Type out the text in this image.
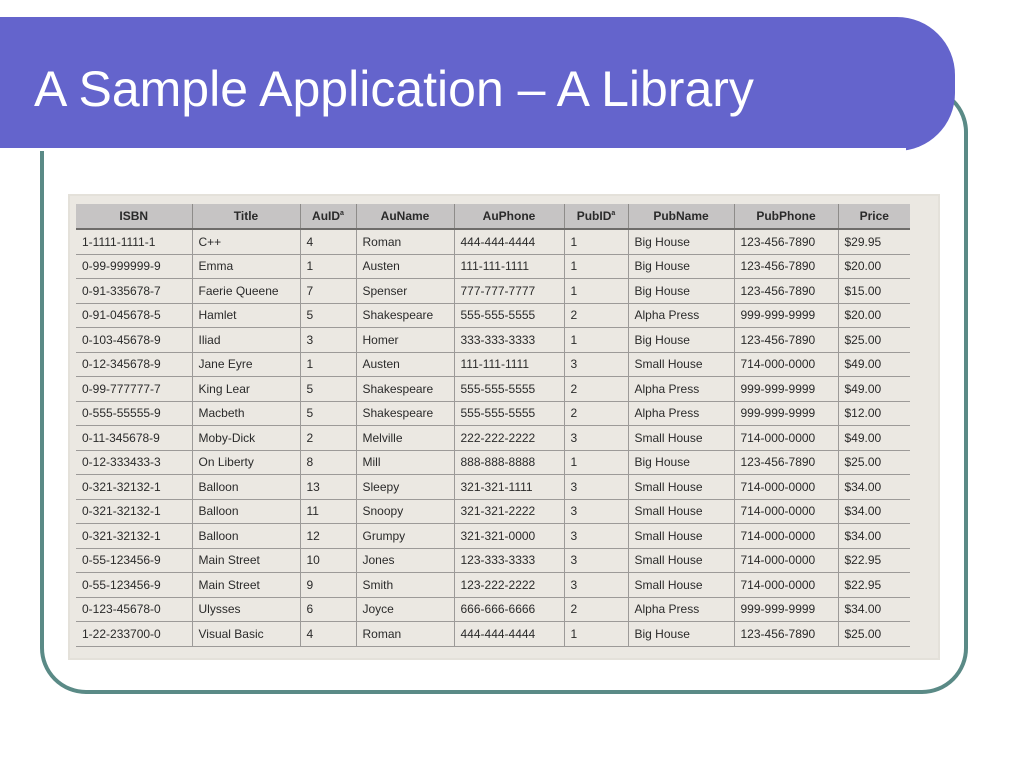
A Sample Application – A Library
ISBN	Title	AuID$^a$	AuName	AuPhone	PubID$^a$	PubName	PubPhone	Price
1-1111-1111-1	C++	4	Roman	444-444-4444	1	Big House	123-456-7890	$29.95
0-99-999999-9	Emma	1	Austen	111-111-1111	1	Big House	123-456-7890	$20.00
0-91-335678-7	Faerie Queene	7	Spenser	777-777-7777	1	Big House	123-456-7890	$15.00
0-91-045678-5	Hamlet	5	Shakespeare	555-555-5555	2	Alpha Press	999-999-9999	$20.00
0-103-45678-9	Iliad	3	Homer	333-333-3333	1	Big House	123-456-7890	$25.00
0-12-345678-9	Jane Eyre	1	Austen	111-111-1111	3	Small House	714-000-0000	$49.00
0-99-777777-7	King Lear	5	Shakespeare	555-555-5555	2	Alpha Press	999-999-9999	$49.00
0-555-55555-9	Macbeth	5	Shakespeare	555-555-5555	2	Alpha Press	999-999-9999	$12.00
0-11-345678-9	Moby-Dick	2	Melville	222-222-2222	3	Small House	714-000-0000	$49.00
0-12-333433-3	On Liberty	8	Mill	888-888-8888	1	Big House	123-456-7890	$25.00
0-321-32132-1	Balloon	13	Sleepy	321-321-1111	3	Small House	714-000-0000	$34.00
0-321-32132-1	Balloon	11	Snoopy	321-321-2222	3	Small House	714-000-0000	$34.00
0-321-32132-1	Balloon	12	Grumpy	321-321-0000	3	Small House	714-000-0000	$34.00
0-55-123456-9	Main Street	10	Jones	123-333-3333	3	Small House	714-000-0000	$22.95
0-55-123456-9	Main Street	9	Smith	123-222-2222	3	Small House	714-000-0000	$22.95
0-123-45678-0	Ulysses	6	Joyce	666-666-6666	2	Alpha Press	999-999-9999	$34.00
1-22-233700-0	Visual Basic	4	Roman	444-444-4444	1	Big House	123-456-7890	$25.00
